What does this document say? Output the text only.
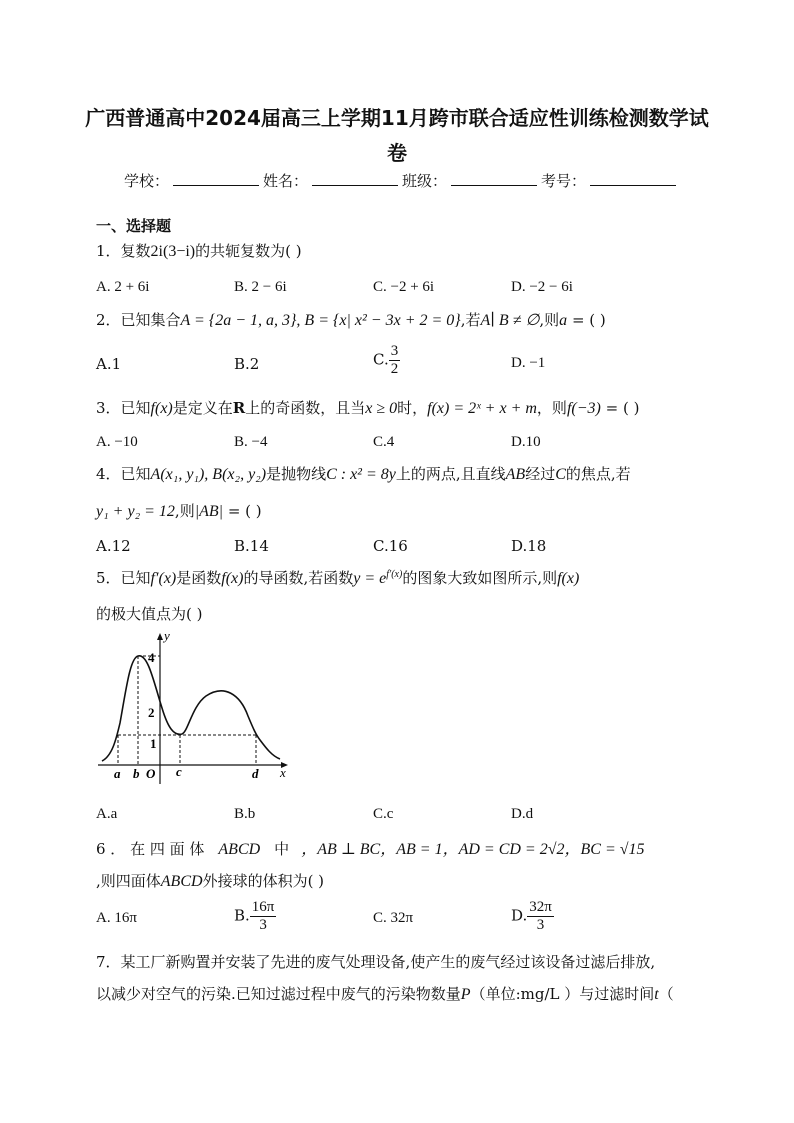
广西普通高中2024届高三上学期11月跨市联合适应性训练检测数学试
卷
学校：	姓名：	班级：	考号：
一、选择题
1．复数2i(3−i)的共轭复数为( )
A. 2 + 6i	B. 2 − 6i	C. −2 + 6i	D. −2 − 6i
2．已知集合A = {2a − 1, a, 3}, B = {x| x² − 3x + 2 = 0},若A∣ B ≠ ∅,则a = ( )
A.1	B.2	C. $\frac{3}{2}$	D. −1
3．已知f(x)是定义在R上的奇函数，且当x ≥ 0时，f(x) = 2ˣ + x + m，则f(−3) = ( )
A. −10	B. −4	C.4	D.10
4．已知A(x₁, y₁), B(x₂, y₂)是抛物线C : x² = 8y上的两点,且直线AB经过C的焦点,若
y₁ + y₂ = 12,则|AB| = ( )
A.12	B.14	C.16	D.18
5．已知f′(x)是函数f(x)的导函数,若函数$y = e^{f'(x)}$的图象大致如图所示,则f(x)
的极大值点为( )
y
x
4
2
1
O
a b	c	d
A.a	B.b	C.c	D.d
6 ． 在 四 面 体 ABCD 中 ，AB ⊥ BC，AB = 1，AD = CD = 2√2，BC = √15
,则四面体ABCD外接球的体积为( )
A. 16π	B. $\frac{16\pi}{3}$	C. 32π	D. $\frac{32\pi}{3}$
7．某工厂新购置并安装了先进的废气处理设备,使产生的废气经过该设备过滤后排放,
以减少对空气的污染.已知过滤过程中废气的污染物数量P（单位:mg/L ）与过滤时间t（
